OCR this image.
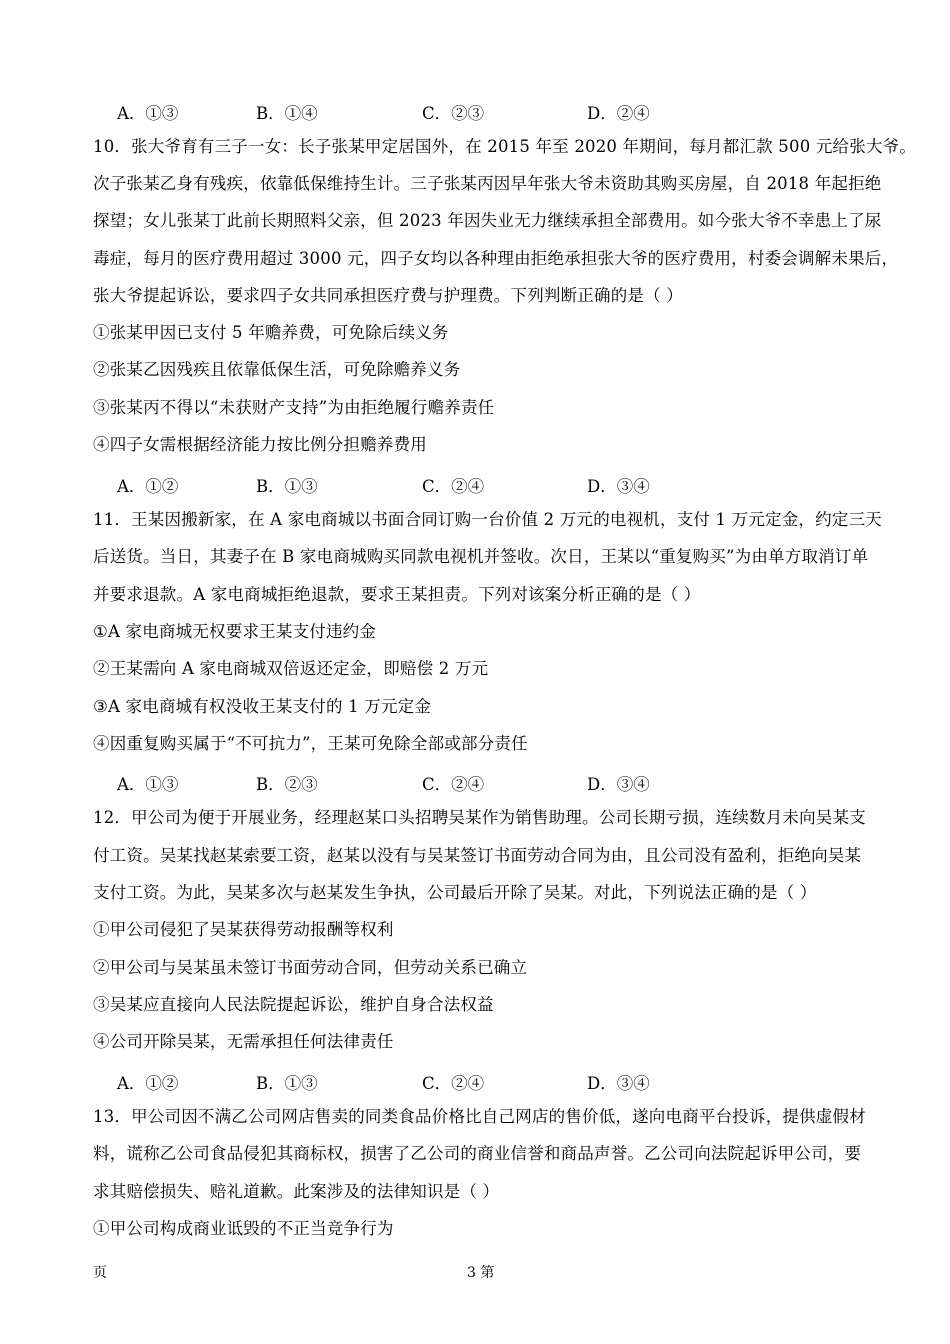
A．①③	B．①④	C．②③	D．②④
10．张大爷育有三子一女：长子张某甲定居国外，在 2015 年至 2020 年期间，每月都汇款 500 元给张大爷。
次子张某乙身有残疾，依靠低保维持生计。三子张某丙因早年张大爷未资助其购买房屋，自 2018 年起拒绝
探望；女儿张某丁此前长期照料父亲，但 2023 年因失业无力继续承担全部费用。如今张大爷不幸患上了尿
毒症，每月的医疗费用超过 3000 元，四子女均以各种理由拒绝承担张大爷的医疗费用，村委会调解未果后，
张大爷提起诉讼，要求四子女共同承担医疗费与护理费。下列判断正确的是（ ）
①张某甲因已支付 5 年赡养费，可免除后续义务
②张某乙因残疾且依靠低保生活，可免除赡养义务
③张某丙不得以“未获财产支持”为由拒绝履行赡养责任
④四子女需根据经济能力按比例分担赡养费用
A．①②	B．①③	C．②④	D．③④
11．王某因搬新家，在 A 家电商城以书面合同订购一台价值 2 万元的电视机，支付 1 万元定金，约定三天
后送货。当日，其妻子在 B 家电商城购买同款电视机并签收。次日，王某以“重复购买”为由单方取消订单
并要求退款。A 家电商城拒绝退款，要求王某担责。下列对该案分析正确的是（ ）
①A 家电商城无权要求王某支付违约金
②王某需向 A 家电商城双倍返还定金，即赔偿 2 万元
③A 家电商城有权没收王某支付的 1 万元定金
④因重复购买属于“不可抗力”，王某可免除全部或部分责任
A．①③	B．②③	C．②④	D．③④
12．甲公司为便于开展业务，经理赵某口头招聘吴某作为销售助理。公司长期亏损，连续数月未向吴某支
付工资。吴某找赵某索要工资，赵某以没有与吴某签订书面劳动合同为由，且公司没有盈利，拒绝向吴某
支付工资。为此，吴某多次与赵某发生争执，公司最后开除了吴某。对此，下列说法正确的是（ ）
①甲公司侵犯了吴某获得劳动报酬等权利
②甲公司与吴某虽未签订书面劳动合同，但劳动关系已确立
③吴某应直接向人民法院提起诉讼，维护自身合法权益
④公司开除吴某，无需承担任何法律责任
A．①②	B．①③	C．②④	D．③④
13．甲公司因不满乙公司网店售卖的同类食品价格比自己网店的售价低，遂向电商平台投诉，提供虚假材
料，谎称乙公司食品侵犯其商标权，损害了乙公司的商业信誉和商品声誉。乙公司向法院起诉甲公司，要
求其赔偿损失、赔礼道歉。此案涉及的法律知识是（ ）
①甲公司构成商业诋毁的不正当竞争行为
页	3 第
